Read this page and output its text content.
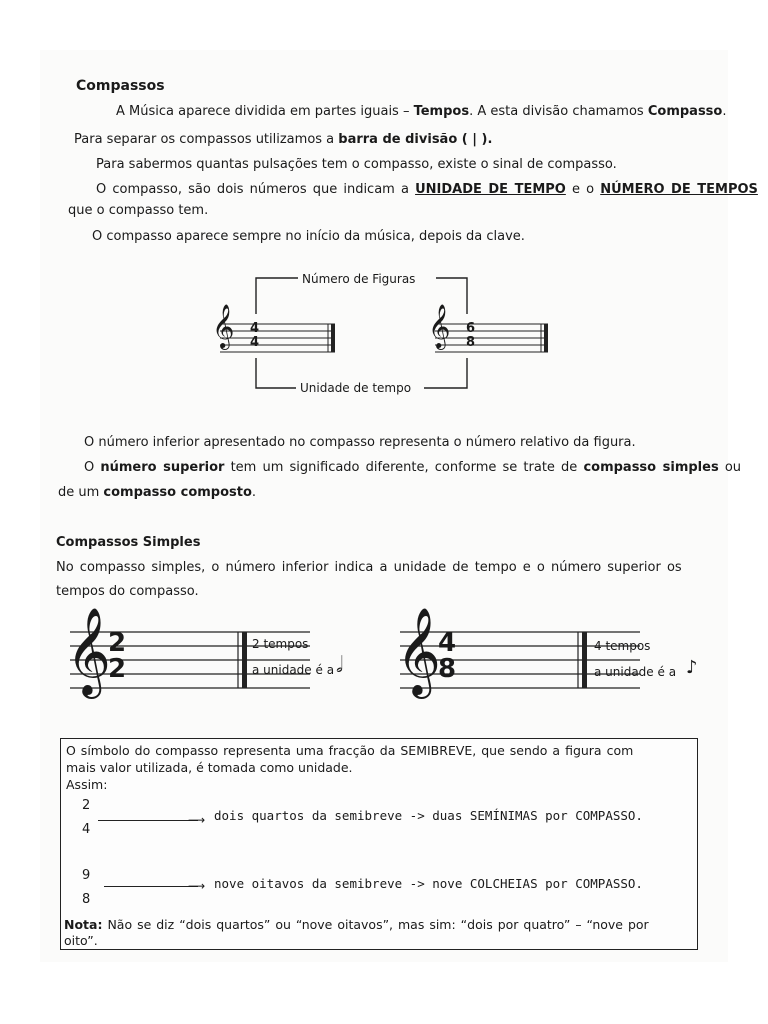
Compassos
A Música aparece dividida em partes iguais – Tempos. A esta divisão chamamos Compasso.
Para separar os compassos utilizamos a barra de divisão ( | ).
Para sabermos quantas pulsações tem o compasso, existe o sinal de compasso.
O compasso, são dois números que indicam a UNIDADE DE TEMPO e o NÚMERO DE TEMPOS
que o compasso tem.
O compasso aparece sempre no início da música, depois da clave.
𝄞 4
4	𝄞 6
8
Número de Figuras
Unidade de tempo
O número inferior apresentado no compasso representa o número relativo da figura.
O número superior tem um significado diferente, conforme se trate de compasso simples ou
de um compasso composto.
Compassos Simples
No compasso simples, o número inferior indica a unidade de tempo e o número superior os
tempos do compasso.
𝄞
2
2
2 tempos
a unidade é a 𝅗𝅥 𝄞
4
8
4 tempos
a unidade é a ♪
O símbolo do compasso representa uma fracção da SEMIBREVE, que sendo a figura com
mais valor utilizada, é tomada como unidade.
Assim:
2
4
⟶ dois quartos da semibreve -> duas SEMÍNIMAS por COMPASSO.
9
8
⟶ nove oitavos da semibreve -> nove COLCHEIAS por COMPASSO.
Nota: Não se diz “dois quartos” ou “nove oitavos”, mas sim: “dois por quatro” – “nove por
oito”.
